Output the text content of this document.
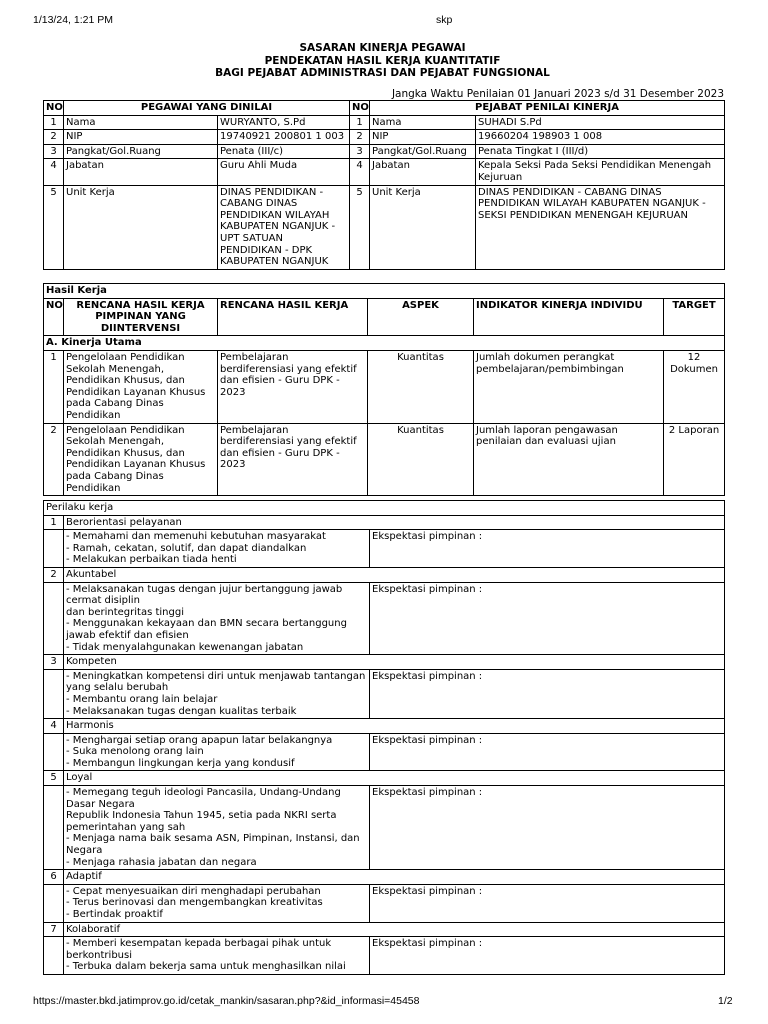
1/13/24, 1:21 PM	skp
https://master.bkd.jatimprov.go.id/cetak_mankin/sasaran.php?&id_informasi=45458	1/2
SASARAN KINERJA PEGAWAI
PENDEKATAN HASIL KERJA KUANTITATIF
BAGI PEJABAT ADMINISTRASI DAN PEJABAT FUNGSIONAL
Jangka Waktu Penilaian 01 Januari 2023 s/d 31 Desember 2023
NO	PEGAWAI YANG DINILAI		NO	PEJABAT PENILAI KINERJA	
1	Nama	WURYANTO, S.Pd	1	Nama	SUHADI S.Pd
2	NIP	19740921 200801 1 003	2	NIP	19660204 198903 1 008
3	Pangkat/Gol.Ruang	Penata (III/c)	3	Pangkat/Gol.Ruang	Penata Tingkat I (III/d)
4	Jabatan	Guru Ahli Muda	4	Jabatan	Kepala Seksi Pada Seksi Pendidikan Menengah Kejuruan
5	Unit Kerja	DINAS PENDIDIKAN - CABANG DINAS PENDIDIKAN WILAYAH KABUPATEN NGANJUK - UPT SATUAN PENDIDIKAN - DPK KABUPATEN NGANJUK	5	Unit Kerja	DINAS PENDIDIKAN - CABANG DINAS PENDIDIKAN WILAYAH KABUPATEN NGANJUK - SEKSI PENDIDIKAN MENENGAH KEJURUAN
Hasil Kerja					
NO	RENCANA HASIL KERJA PIMPINAN YANG DIINTERVENSI	RENCANA HASIL KERJA	ASPEK	INDIKATOR KINERJA INDIVIDU	TARGET
A. Kinerja Utama					
1	Pengelolaan Pendidikan Sekolah Menengah, Pendidikan Khusus, dan Pendidikan Layanan Khusus pada Cabang Dinas Pendidikan	Pembelajaran berdiferensiasi yang efektif dan efisien - Guru DPK - 2023	Kuantitas	Jumlah dokumen perangkat pembelajaran/pembimbingan	12 Dokumen
2	Pengelolaan Pendidikan Sekolah Menengah, Pendidikan Khusus, dan Pendidikan Layanan Khusus pada Cabang Dinas Pendidikan	Pembelajaran berdiferensiasi yang efektif dan efisien - Guru DPK - 2023	Kuantitas	Jumlah laporan pengawasan penilaian dan evaluasi ujian	2 Laporan
Perilaku kerja		
1	Berorientasi pelayanan	
	- Memahami dan memenuhi kebutuhan masyarakat
- Ramah, cekatan, solutif, dan dapat diandalkan
- Melakukan perbaikan tiada henti	Ekspektasi pimpinan :
2	Akuntabel	
	- Melaksanakan tugas dengan jujur bertanggung jawab cermat disiplin
dan berintegritas tinggi
- Menggunakan kekayaan dan BMN secara bertanggung jawab efektif dan efisien
- Tidak menyalahgunakan kewenangan jabatan	Ekspektasi pimpinan :
3	Kompeten	
	- Meningkatkan kompetensi diri untuk menjawab tantangan yang selalu berubah
- Membantu orang lain belajar
- Melaksanakan tugas dengan kualitas terbaik	Ekspektasi pimpinan :
4	Harmonis	
	- Menghargai setiap orang apapun latar belakangnya
- Suka menolong orang lain
- Membangun lingkungan kerja yang kondusif	Ekspektasi pimpinan :
5	Loyal	
	- Memegang teguh ideologi Pancasila, Undang-Undang Dasar Negara
Republik Indonesia Tahun 1945, setia pada NKRI serta pemerintahan yang sah
- Menjaga nama baik sesama ASN, Pimpinan, Instansi, dan Negara
- Menjaga rahasia jabatan dan negara	Ekspektasi pimpinan :
6	Adaptif	
	- Cepat menyesuaikan diri menghadapi perubahan
- Terus berinovasi dan mengembangkan kreativitas
- Bertindak proaktif	Ekspektasi pimpinan :
7	Kolaboratif	
	- Memberi kesempatan kepada berbagai pihak untuk berkontribusi
- Terbuka dalam bekerja sama untuk menghasilkan nilai	Ekspektasi pimpinan :
